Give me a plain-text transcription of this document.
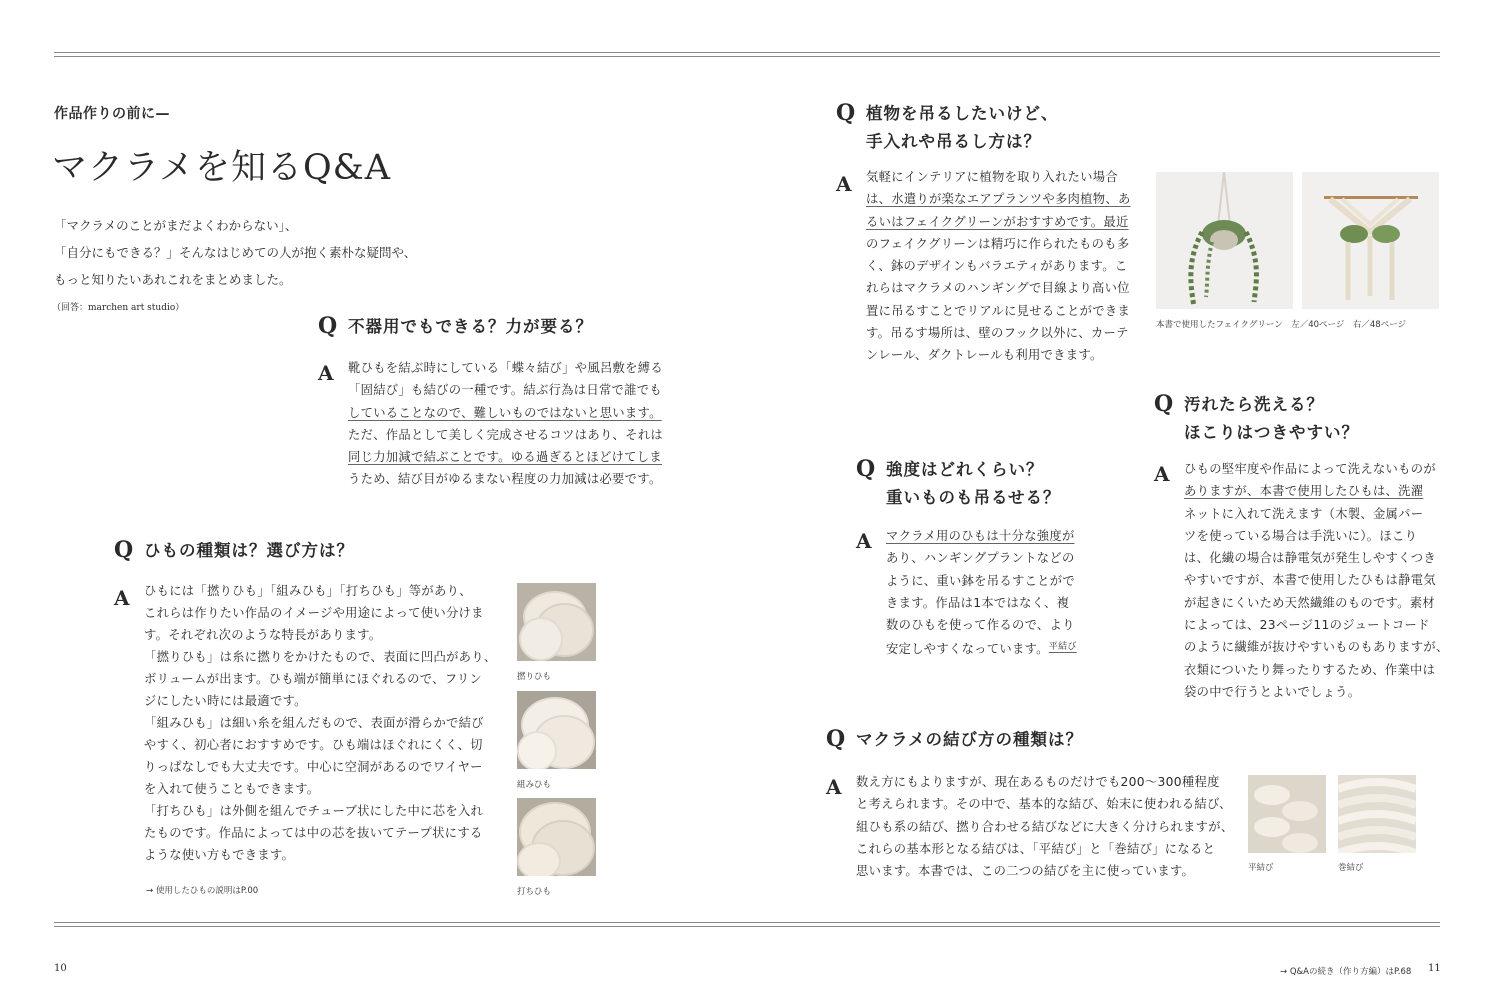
作品作りの前に—
マクラメを知るQ&A
「マクラメのことがまだよくわからない」、
「自分にもできる？」そんなはじめての人が抱く素朴な疑問や、
もっと知りたいあれこれをまとめました。
（回答：marchen art studio）
Q 不器用でもできる？力が要る？
A	靴ひもを結ぶ時にしている「蝶々結び」や風呂敷を縛る
「固結び」も結びの一種です。結ぶ行為は日常で誰でも
していることなので、難しいものではないと思います。
ただ、作品として美しく完成させるコツはあり、それは
同じ力加減で結ぶことです。ゆる過ぎるとほどけてしま
うため、結び目がゆるまない程度の力加減は必要です。
Q ひもの種類は？選び方は？
A	ひもには「撚りひも」「組みひも」「打ちひも」等があり、
これらは作りたい作品のイメージや用途によって使い分けま
す。それぞれ次のような特長があります。
「撚りひも」は糸に撚りをかけたもので、表面に凹凸があり、
ボリュームが出ます。ひも端が簡単にほぐれるので、フリン
ジにしたい時には最適です。
「組みひも」は細い糸を組んだもので、表面が滑らかで結び
やすく、初心者におすすめです。ひも端はほぐれにくく、切
りっぱなしでも大丈夫です。中心に空洞があるのでワイヤー
を入れて使うこともできます。
「打ちひも」は外側を組んでチューブ状にした中に芯を入れ
たものです。作品によっては中の芯を抜いてテープ状にする
ような使い方もできます。
→ 使用したひもの説明はP.00
撚りひも
組みひも
打ちひも
10
Q 植物を吊るしたいけど、
手入れや吊るし方は？
A	気軽にインテリアに植物を取り入れたい場合
は、水遣りが楽なエアプランツや多肉植物、あ
るいはフェイクグリーンがおすすめです。最近
のフェイクグリーンは精巧に作られたものも多
く、鉢のデザインもバラエティがあります。こ
れらはマクラメのハンギングで目線より高い位
置に吊るすことでリアルに見せることができま
す。吊るす場所は、壁のフック以外に、カーテ
ンレール、ダクトレールも利用できます。
本書で使用したフェイクグリーン　左／40ページ　右／48ページ
Q 汚れたら洗える？
ほこりはつきやすい？
A	ひもの堅牢度や作品によって洗えないものが
ありますが、本書で使用したひもは、洗濯
ネットに入れて洗えます（木製、金属パー
ツを使っている場合は手洗いに）。ほこり
は、化繊の場合は静電気が発生しやすくつき
やすいですが、本書で使用したひもは静電気
が起きにくいため天然繊維のものです。素材
によっては、23ページ11のジュートコード
のように繊維が抜けやすいものもありますが、
衣類についたり舞ったりするため、作業中は
袋の中で行うとよいでしょう。
Q 強度はどれくらい？
重いものも吊るせる？
A	マクラメ用のひもは十分な強度が
あり、ハンギングプラントなどの
ように、重い鉢を吊るすことがで
きます。作品は1本ではなく、複
数のひもを使って作るので、より
安定しやすくなっています。$^{平結び}$
Q マクラメの結び方の種類は？
A	数え方にもよりますが、現在あるものだけでも200〜300種程度
と考えられます。その中で、基本的な結び、始末に使われる結び、
組ひも系の結び、撚り合わせる結びなどに大きく分けられますが、
これらの基本形となる結びは、「平結び」と「巻結び」になると
思います。本書では、この二つの結びを主に使っています。	平結び	巻結び
→ Q&Aの続き（作り方編）はP.68 11
